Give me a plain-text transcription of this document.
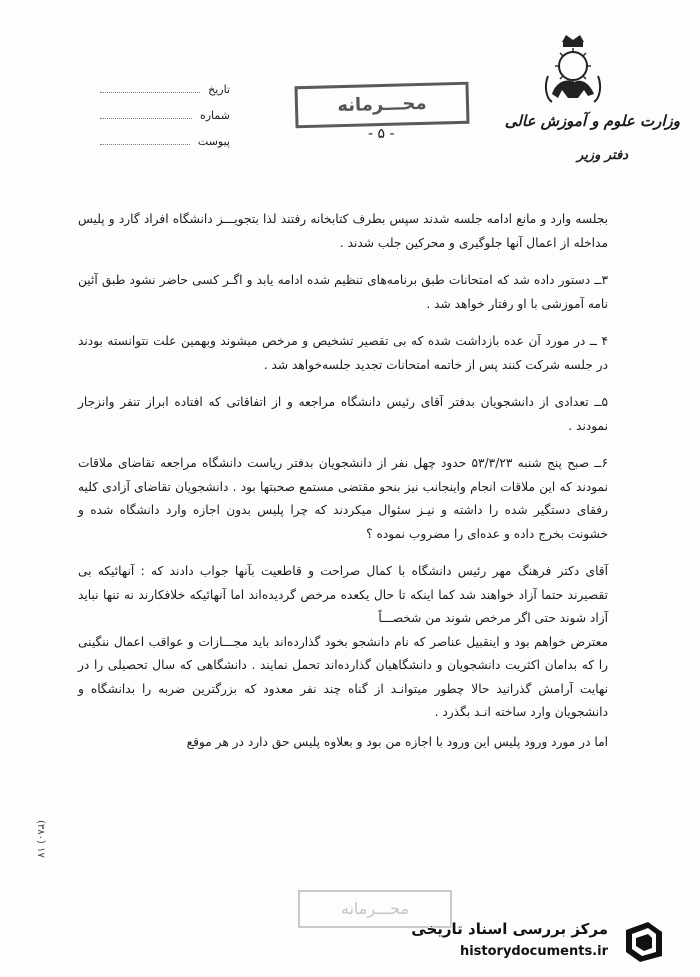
وزارت علوم و آموزش عالی
دفتر وزیر
محـــرمانه
- ۵ -
تاریخ
شماره
پیوست

بجلسه وارد و مانع ادامه جلسه شدند سپس بطرف کتابخانه رفتند لذا بتجویـــز دانشگاه افراد گارد و پلیس مداخله از اعمال آنها جلوگیری و محرکین جلب شدند .

۳ــ دستور داده شد که امتحانات طبق برنامه‌های تنظیم شده ادامه یابد و اگـر کسی حاضر نشود طبق آئین نامه آموزشی با او رفتار خواهد شد .

۴ ــ در مورد آن عده بازداشت شده که بی تقصیر تشخیص و مرخص میشوند وبهمین علت نتوانسته بودند در جلسه شرکت کنند پس از خاتمه امتحانات تجدید جلسه‌خواهد شد .

۵ــ تعدادی از دانشجویان بدفتر آقای رئیس دانشگاه مراجعه و از اتفاقاتی که افتاده ابراز تنفر وانزجار نمودند .

۶ــ صبح پنج شنبه ۵۳/۳/۲۳ حدود چهل نفر از دانشجویان بدفتر ریاست دانشگاه مراجعه تقاضای ملاقات نمودند که این ملاقات انجام واینجانب نیز بنحو مقتضی مستمع صحبتها بود . دانشجویان تقاضای آزادی کلیه رفقای دستگیر شده را داشته و نیـز سئوال میکردند که چرا پلیس بدون اجازه وارد دانشگاه شده و خشونت بخرج داده و عده‌ای را مضروب نموده ؟

آقای دکتر فرهنگ مهر رئیس دانشگاه با کمال صراحت و قاطعیت بآنها جواب دادند که : آنهائیکه بی تقصیرند حتما آزاد خواهند شد کما اینکه تا حال یکعده مرخص گردیده‌اند اما آنهائیکه خلافکارند نه تنها نباید آزاد شوند حتی اگر مرخص شوند من شخصـــاً

معترض خواهم بود و اینقبیل عناصر که نام دانشجو بخود گذارده‌اند باید مجـــازات و عواقب اعمال ننگینی را که بدامان اکثریت دانشجویان و دانشگاهیان گذارده‌اند تحمل نمایند . دانشگاهی که سال تحصیلی را در نهایت آرامش گذرانید حالا چطور میتوانـد از گناه چند نفر معدود که بزرگترین ضربه را بدانشگاه و دانشجویان وارد ساخته انـد بگذرد .

اما در مورد ورود پلیس این ورود با اجازه من بود و بعلاوه پلیس حق دارد در هر موقع

(۳۸۰) ۱۷
محـــرمانه
مرکز بررسی اسناد تاریخی
historydocuments.ir
